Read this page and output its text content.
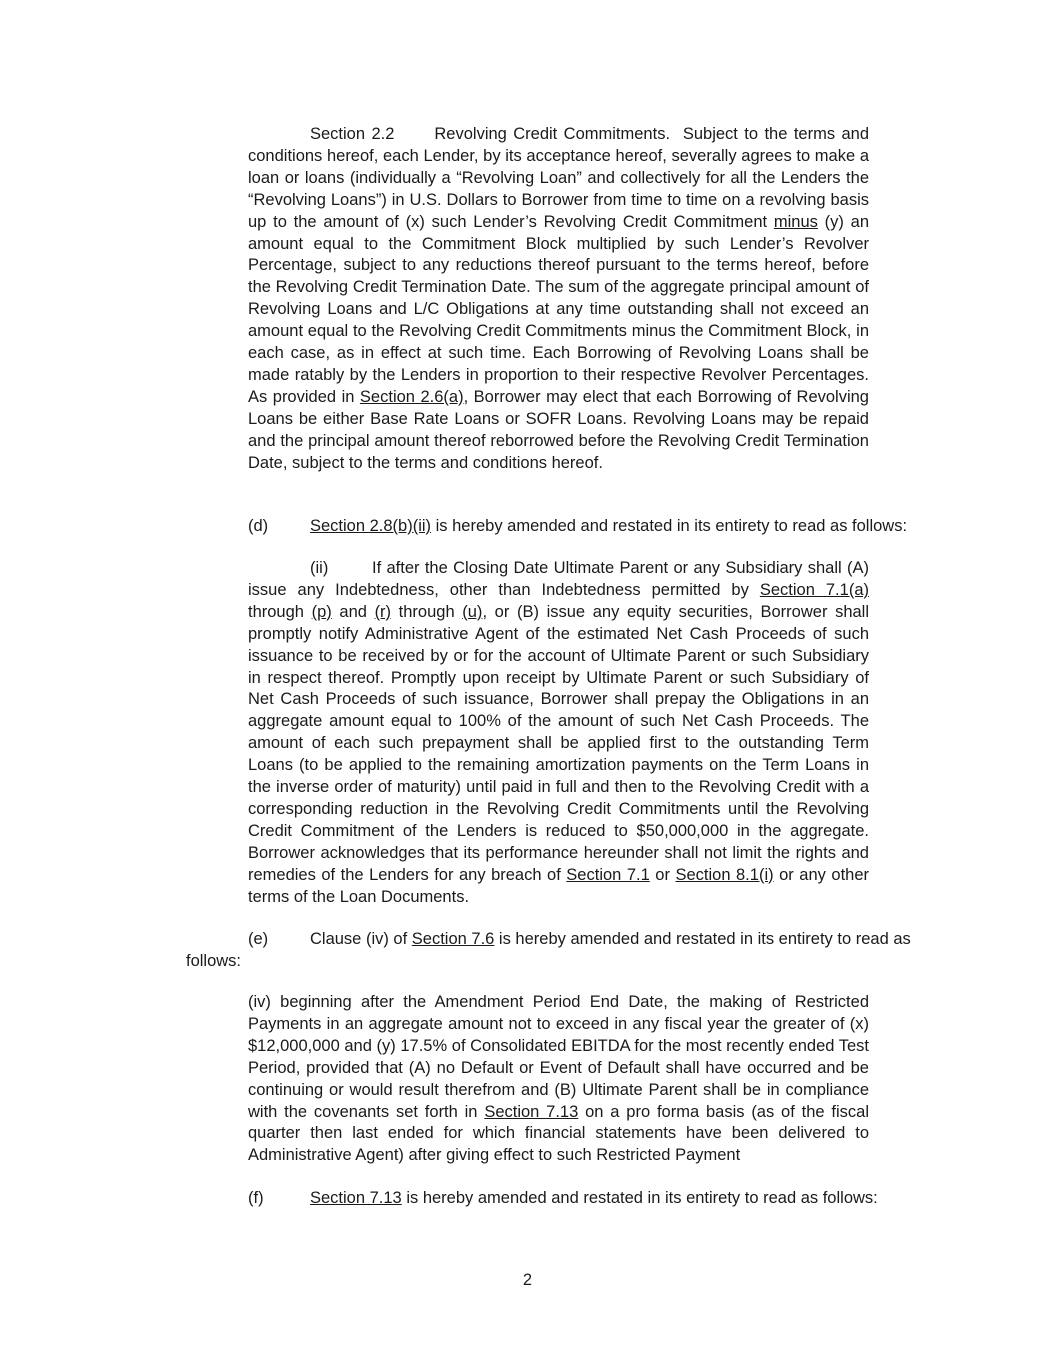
Section 2.2 Revolving Credit Commitments. Subject to the terms and conditions hereof, each Lender, by its acceptance hereof, severally agrees to make a loan or loans (individually a “Revolving Loan” and collectively for all the Lenders the “Revolving Loans”) in U.S. Dollars to Borrower from time to time on a revolving basis up to the amount of (x) such Lender’s Revolving Credit Commitment minus (y) an amount equal to the Commitment Block multiplied by such Lender’s Revolver Percentage, subject to any reductions thereof pursuant to the terms hereof, before the Revolving Credit Termination Date. The sum of the aggregate principal amount of Revolving Loans and L/C Obligations at any time outstanding shall not exceed an amount equal to the Revolving Credit Commitments minus the Commitment Block, in each case, as in effect at such time. Each Borrowing of Revolving Loans shall be made ratably by the Lenders in proportion to their respective Revolver Percentages. As provided in Section 2.6(a), Borrower may elect that each Borrowing of Revolving Loans be either Base Rate Loans or SOFR Loans. Revolving Loans may be repaid and the principal amount thereof reborrowed before the Revolving Credit Termination Date, subject to the terms and conditions hereof.

(d)	Section 2.8(b)(ii) is hereby amended and restated in its entirety to read as follows:

(ii)	If after the Closing Date Ultimate Parent or any Subsidiary shall (A) issue any Indebtedness, other than Indebtedness permitted by Section 7.1(a) through (p) and (r) through (u), or (B) issue any equity securities, Borrower shall promptly notify Administrative Agent of the estimated Net Cash Proceeds of such issuance to be received by or for the account of Ultimate Parent or such Subsidiary in respect thereof. Promptly upon receipt by Ultimate Parent or such Subsidiary of Net Cash Proceeds of such issuance, Borrower shall prepay the Obligations in an aggregate amount equal to 100% of the amount of such Net Cash Proceeds. The amount of each such prepayment shall be applied first to the outstanding Term Loans (to be applied to the remaining amortization payments on the Term Loans in the inverse order of maturity) until paid in full and then to the Revolving Credit with a corresponding reduction in the Revolving Credit Commitments until the Revolving Credit Commitment of the Lenders is reduced to $50,000,000 in the aggregate. Borrower acknowledges that its performance hereunder shall not limit the rights and remedies of the Lenders for any breach of Section 7.1 or Section 8.1(i) or any other terms of the Loan Documents.

(e)	Clause (iv) of Section 7.6 is hereby amended and restated in its entirety to read as

follows:

(iv) beginning after the Amendment Period End Date, the making of Restricted Payments in an aggregate amount not to exceed in any fiscal year the greater of (x) $12,000,000 and (y) 17.5% of Consolidated EBITDA for the most recently ended Test Period, provided that (A) no Default or Event of Default shall have occurred and be continuing or would result therefrom and (B) Ultimate Parent shall be in compliance with the covenants set forth in Section 7.13 on a pro forma basis (as of the fiscal quarter then last ended for which financial statements have been delivered to Administrative Agent) after giving effect to such Restricted Payment

(f)	Section 7.13 is hereby amended and restated in its entirety to read as follows:

2
